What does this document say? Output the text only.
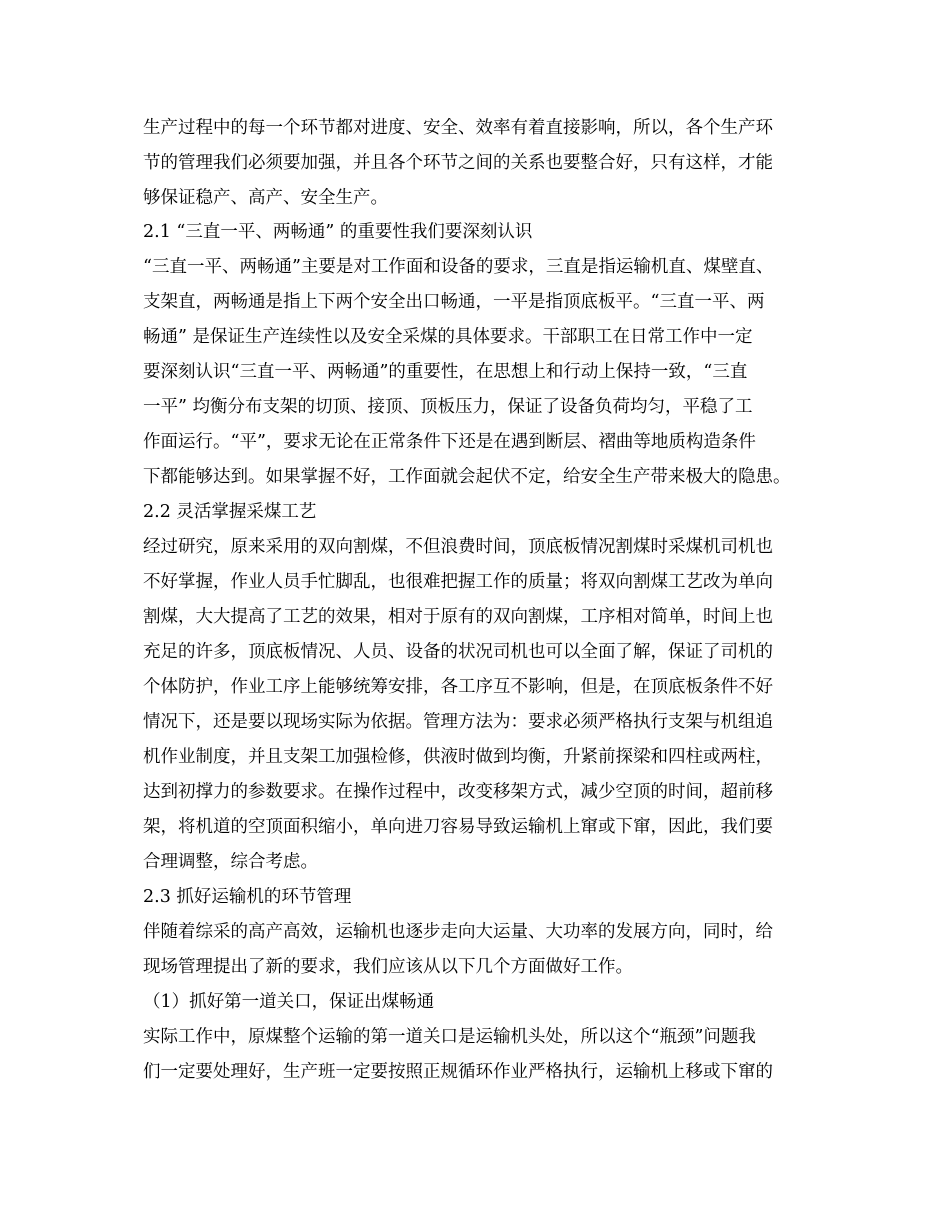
生产过程中的每一个环节都对进度、安全、效率有着直接影响，所以，各个生产环
节的管理我们必须要加强，并且各个环节之间的关系也要整合好，只有这样，才能
够保证稳产、高产、安全生产。
2.1 “三直一平、两畅通” 的重要性我们要深刻认识
“三直一平、两畅通”主要是对工作面和设备的要求，三直是指运输机直、煤壁直、
支架直，两畅通是指上下两个安全出口畅通，一平是指顶底板平。“三直一平、两
畅通” 是保证生产连续性以及安全采煤的具体要求。干部职工在日常工作中一定
要深刻认识“三直一平、两畅通”的重要性，在思想上和行动上保持一致，“三直
一平” 均衡分布支架的切顶、接顶、顶板压力，保证了设备负荷均匀，平稳了工
作面运行。“平”，要求无论在正常条件下还是在遇到断层、褶曲等地质构造条件
下都能够达到。如果掌握不好，工作面就会起伏不定，给安全生产带来极大的隐患。
2.2 灵活掌握采煤工艺
经过研究，原来采用的双向割煤，不但浪费时间，顶底板情况割煤时采煤机司机也
不好掌握，作业人员手忙脚乱，也很难把握工作的质量；将双向割煤工艺改为单向
割煤，大大提高了工艺的效果，相对于原有的双向割煤，工序相对简单，时间上也
充足的许多，顶底板情况、人员、设备的状况司机也可以全面了解，保证了司机的
个体防护，作业工序上能够统筹安排，各工序互不影响，但是，在顶底板条件不好
情况下，还是要以现场实际为依据。管理方法为：要求必须严格执行支架与机组追
机作业制度，并且支架工加强检修，供液时做到均衡，升紧前探梁和四柱或两柱，
达到初撑力的参数要求。在操作过程中，改变移架方式，减少空顶的时间，超前移
架，将机道的空顶面积缩小，单向进刀容易导致运输机上窜或下窜，因此，我们要
合理调整，综合考虑。
2.3 抓好运输机的环节管理
伴随着综采的高产高效，运输机也逐步走向大运量、大功率的发展方向，同时，给
现场管理提出了新的要求，我们应该从以下几个方面做好工作。
（1）抓好第一道关口，保证出煤畅通
实际工作中，原煤整个运输的第一道关口是运输机头处，所以这个“瓶颈”问题我
们一定要处理好，生产班一定要按照正规循环作业严格执行，运输机上移或下窜的
